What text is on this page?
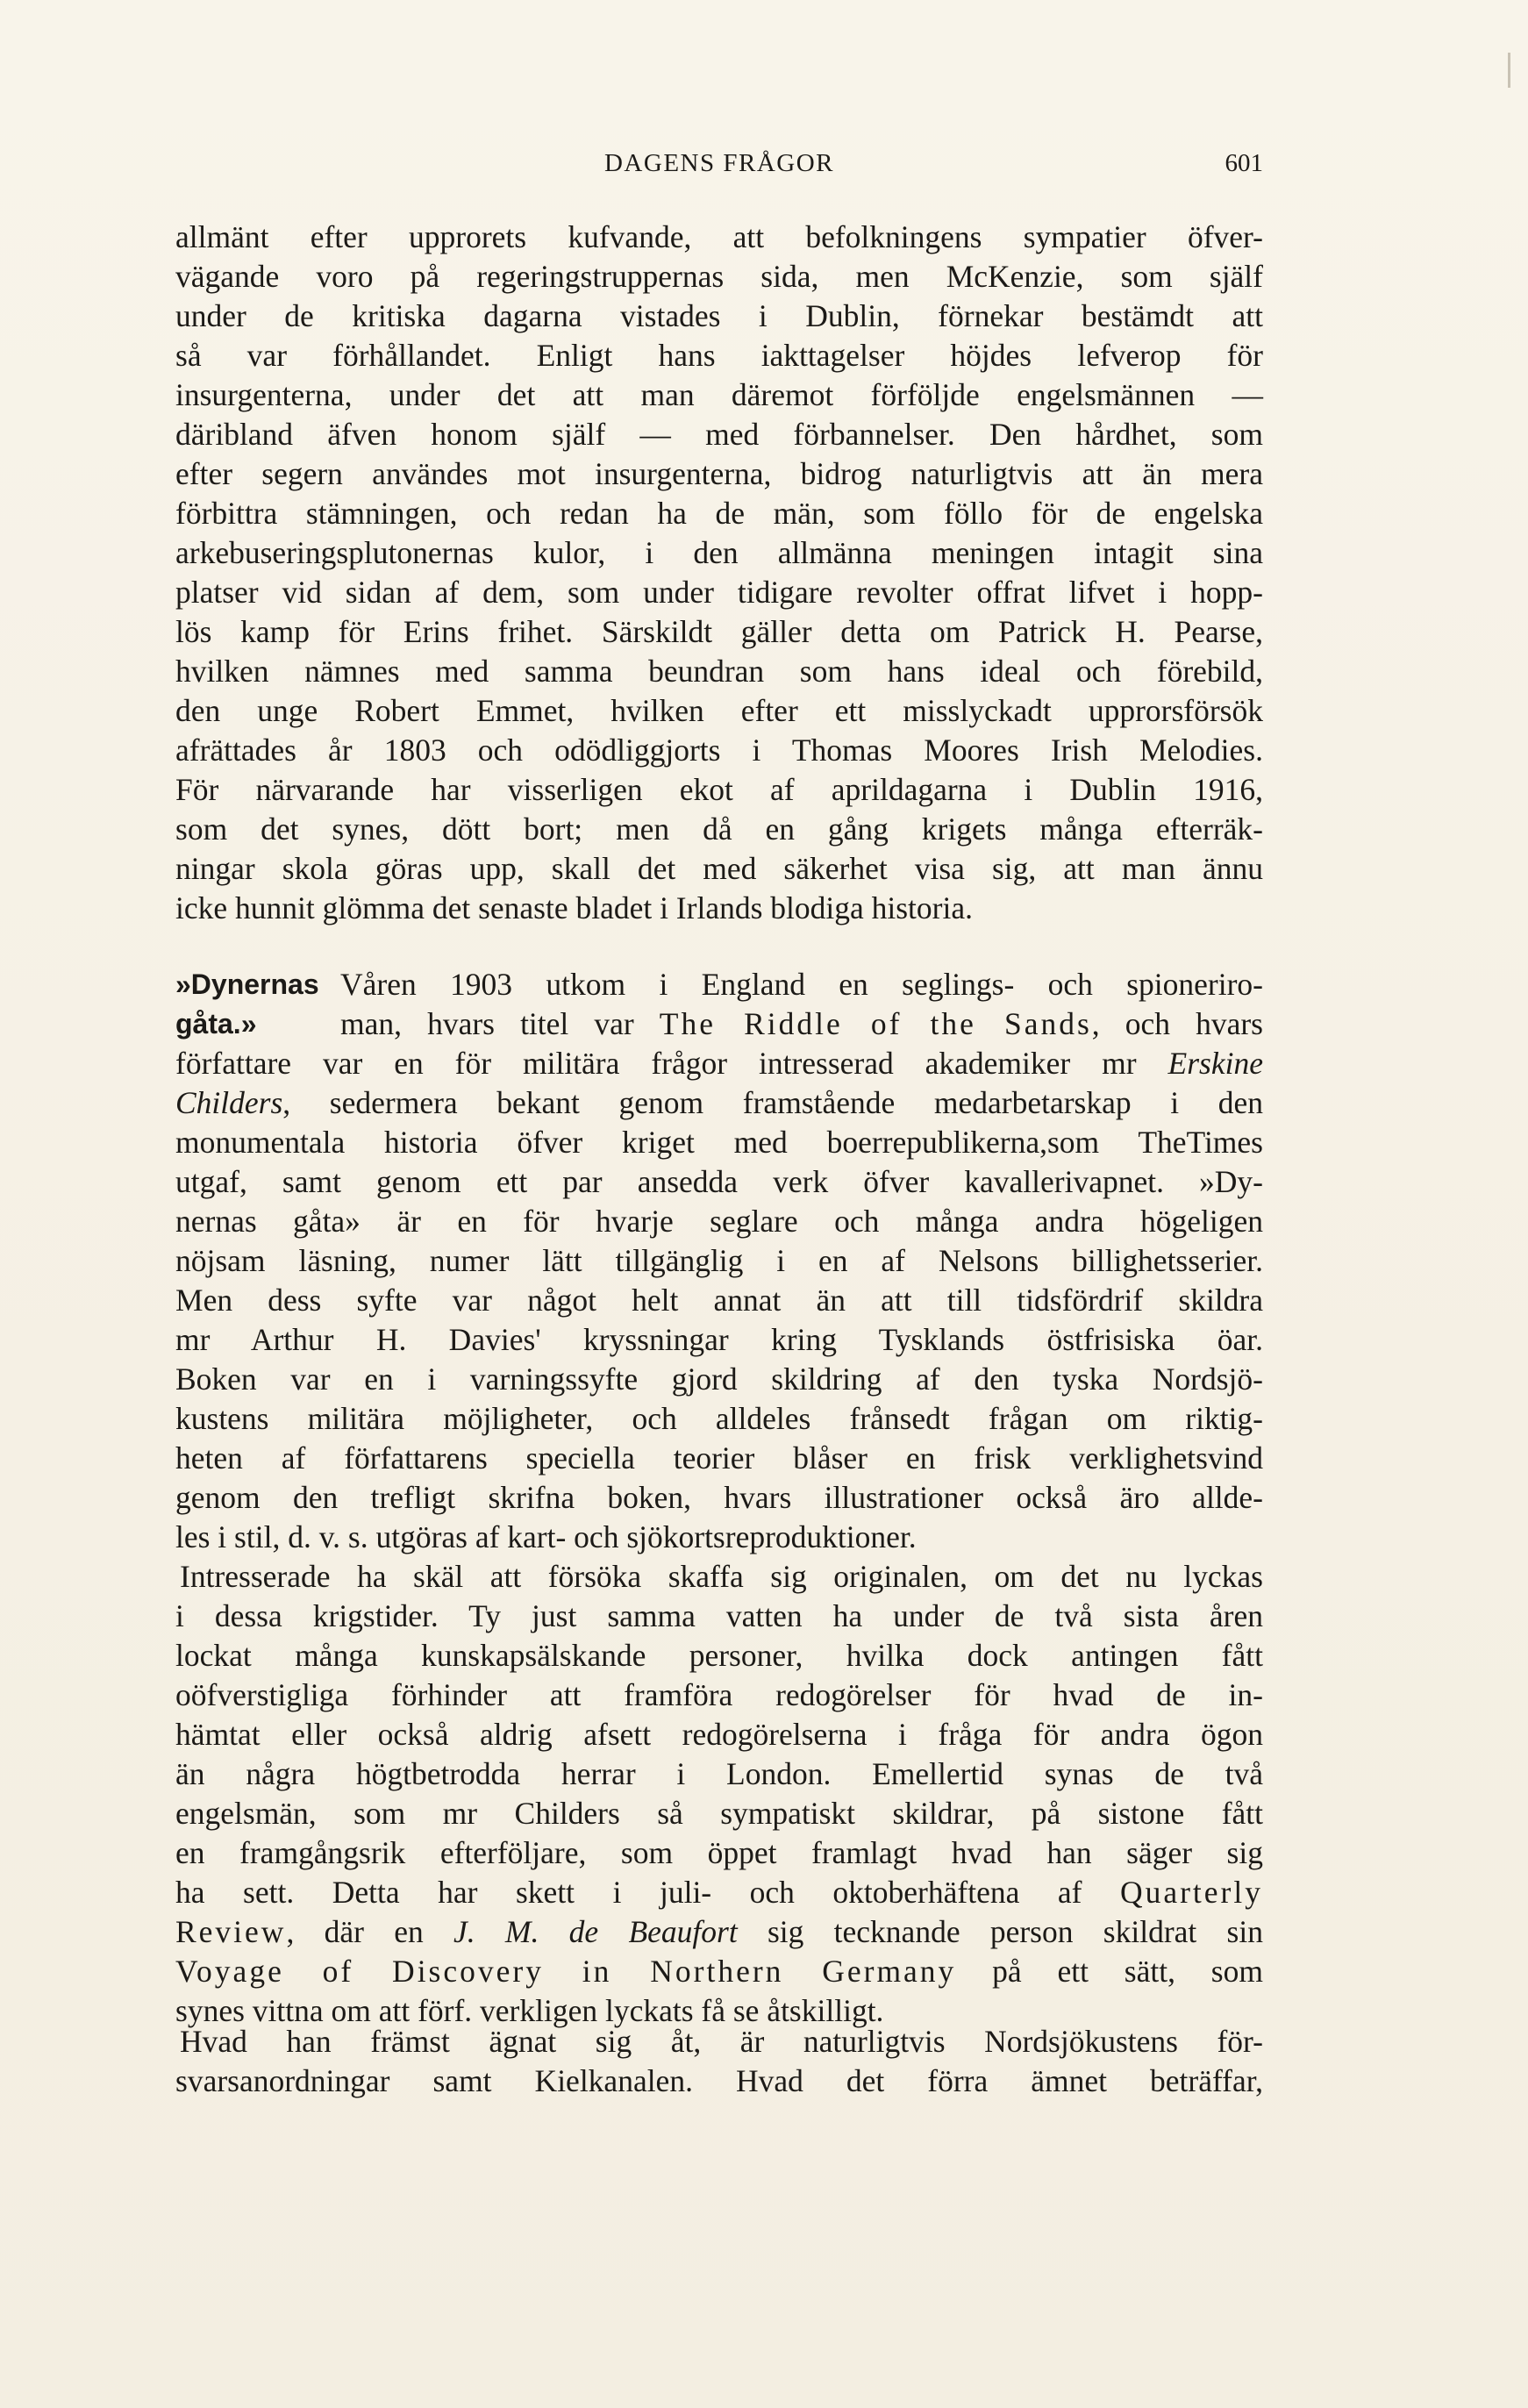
DAGENS FRÅGOR	601
allmänt efter upprorets kufvande, att befolkningens sympatier öfver-
vägande voro på regeringstruppernas sida, men McKenzie, som själf
under de kritiska dagarna vistades i Dublin, förnekar bestämdt att
så var förhållandet. Enligt hans iakttagelser höjdes lefverop för
insurgenterna, under det att man däremot förföljde engelsmännen —
däribland äfven honom själf — med förbannelser. Den hårdhet, som
efter segern användes mot insurgenterna, bidrog naturligtvis att än mera
förbittra stämningen, och redan ha de män, som föllo för de engelska
arkebuseringsplutonernas kulor, i den allmänna meningen intagit sina
platser vid sidan af dem, som under tidigare revolter offrat lifvet i hopp-
lös kamp för Erins frihet. Särskildt gäller detta om Patrick H. Pearse,
hvilken nämnes med samma beundran som hans ideal och förebild,
den unge Robert Emmet, hvilken efter ett misslyckadt upprorsförsök
afrättades år 1803 och odödliggjorts i Thomas Moores Irish Melodies.
För närvarande har visserligen ekot af aprildagarna i Dublin 1916,
som det synes, dött bort; men då en gång krigets många efterräk-
ningar skola göras upp, skall det med säkerhet visa sig, att man ännu
icke hunnit glömma det senaste bladet i Irlands blodiga historia.
»Dynernas
gåta.»
Våren 1903 utkom i England en seglings- och spioneriro-
man, hvars titel var The Riddle of the Sands, och hvars
författare var en för militära frågor intresserad akademiker mr Erskine
Childers, sedermera bekant genom framstående medarbetarskap i den
monumentala historia öfver kriget med boerrepublikerna,som TheTimes
utgaf, samt genom ett par ansedda verk öfver kavallerivapnet. »Dy-
nernas gåta» är en för hvarje seglare och många andra högeligen
nöjsam läsning, numer lätt tillgänglig i en af Nelsons billighetsserier.
Men dess syfte var något helt annat än att till tidsfördrif skildra
mr Arthur H. Davies' kryssningar kring Tysklands östfrisiska öar.
Boken var en i varningssyfte gjord skildring af den tyska Nordsjö-
kustens militära möjligheter, och alldeles frånsedt frågan om riktig-
heten af författarens speciella teorier blåser en frisk verklighetsvind
genom den trefligt skrifna boken, hvars illustrationer också äro allde-
les i stil, d. v. s. utgöras af kart- och sjökortsreproduktioner.
Intresserade ha skäl att försöka skaffa sig originalen, om det nu lyckas
i dessa krigstider. Ty just samma vatten ha under de två sista åren
lockat många kunskapsälskande personer, hvilka dock antingen fått
oöfverstigliga förhinder att framföra redogörelser för hvad de in-
hämtat eller också aldrig afsett redogörelserna i fråga för andra ögon
än några högtbetrodda herrar i London. Emellertid synas de två
engelsmän, som mr Childers så sympatiskt skildrar, på sistone fått
en framgångsrik efterföljare, som öppet framlagt hvad han säger sig
ha sett. Detta har skett i juli- och oktoberhäftena af Quarterly
Review, där en J. M. de Beaufort sig tecknande person skildrat sin
Voyage of Discovery in Northern Germany på ett sätt, som
synes vittna om att förf. verkligen lyckats få se åtskilligt.
Hvad han främst ägnat sig åt, är naturligtvis Nordsjökustens för-
svarsanordningar samt Kielkanalen. Hvad det förra ämnet beträffar,
